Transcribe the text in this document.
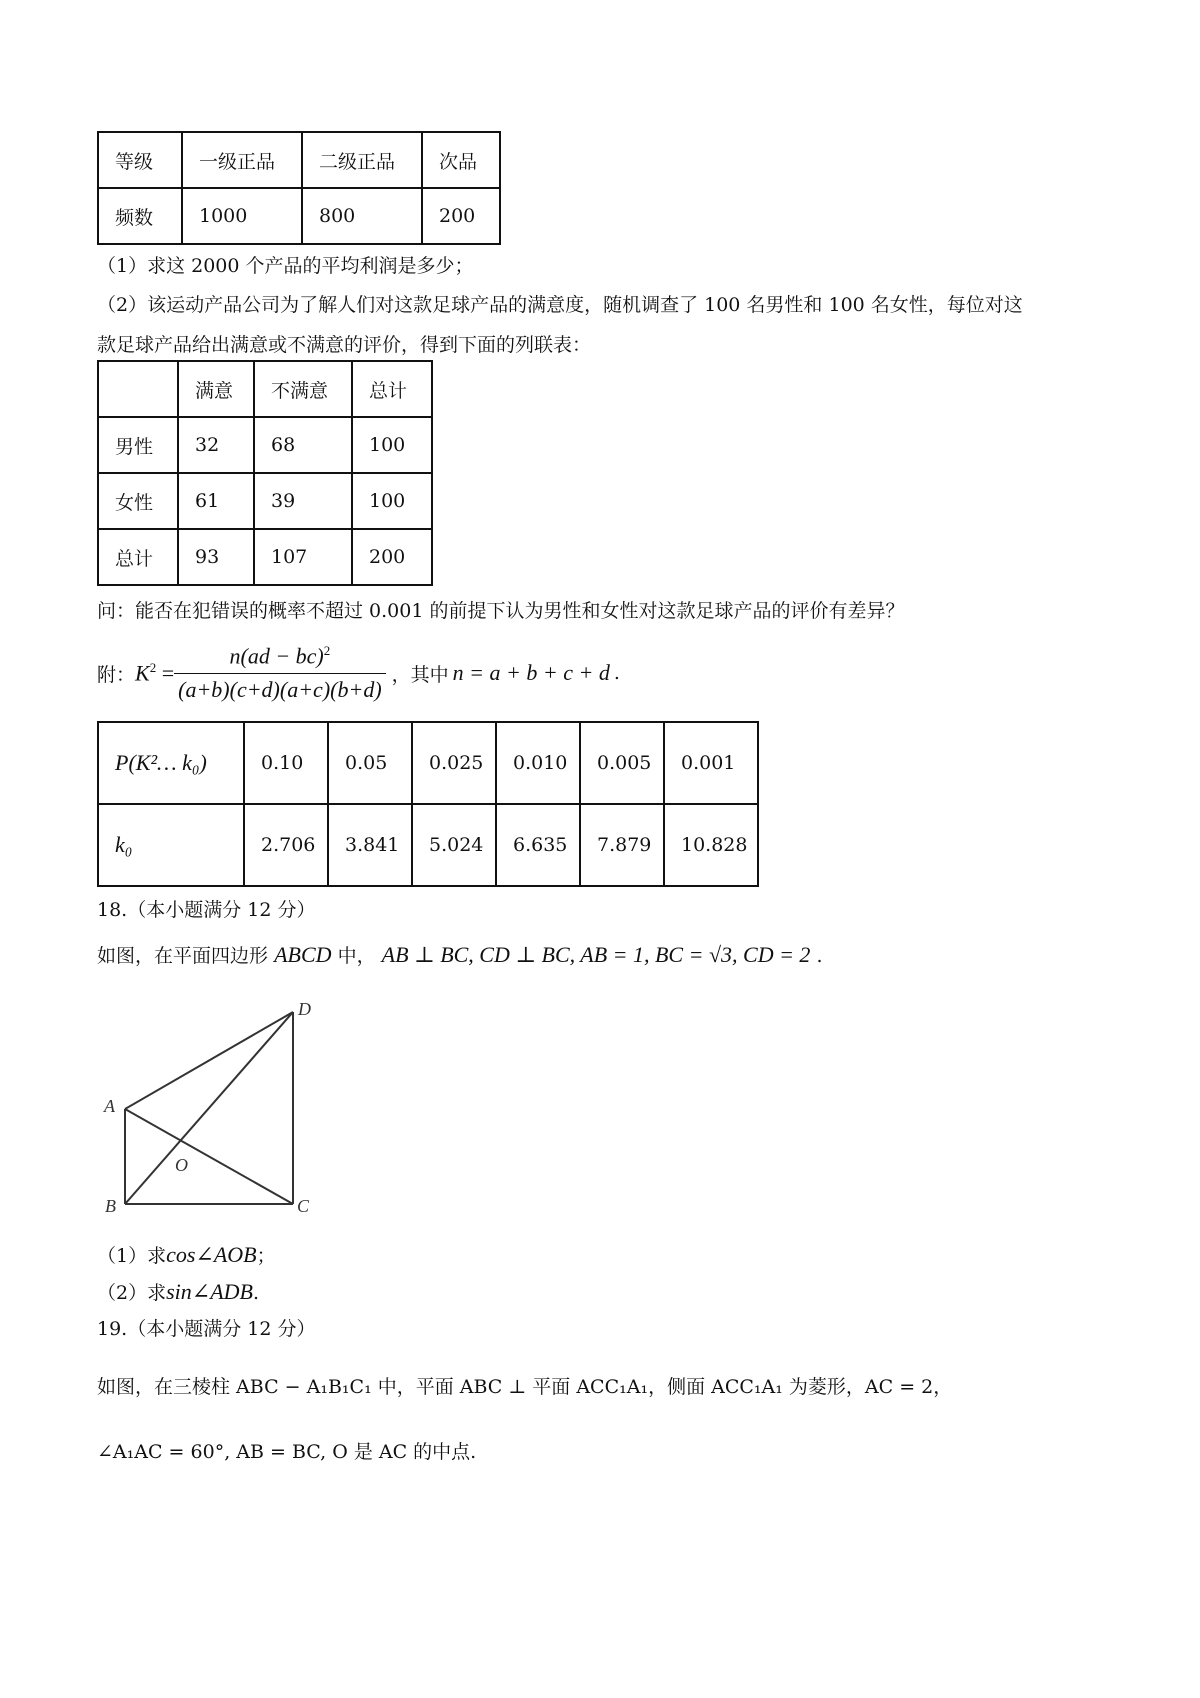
等级	一级正品	二级正品	次品
频数	1000	800	200
（1）求这 2000 个产品的平均利润是多少；
（2）该运动产品公司为了解人们对这款足球产品的满意度，随机调查了 100 名男性和 100 名女性，每位对这
款足球产品给出满意或不满意的评价，得到下面的列联表：
	满意	不满意	总计
男性	32	68	100
女性	61	39	100
总计	93	107	200
问：能否在犯错误的概率不超过 0.001 的前提下认为男性和女性对这款足球产品的评价有差异？
附： $K^2 = \frac{n(ad - bc)^2}{(a+b)(c+d)(a+c)(b+d)}$ ，其中 n = a + b + c + d .
P(K²… k₀)	0.10	0.05	0.025	0.010	0.005	0.001
k₀	2.706	3.841	5.024	6.635	7.879	10.828
18.（本小题满分 12 分）
如图，在平面四边形 ABCD 中， AB ⊥ BC, CD ⊥ BC, AB = 1, BC = √3, CD = 2 .
A
B	C
D
O
（1）求cos∠AOB；
（2）求sin∠ADB.
19.（本小题满分 12 分）
如图，在三棱柱 ABC − A₁B₁C₁ 中，平面 ABC ⊥ 平面 ACC₁A₁，侧面 ACC₁A₁ 为菱形，AC = 2，
∠A₁AC = 60°, AB = BC, O 是 AC 的中点.
